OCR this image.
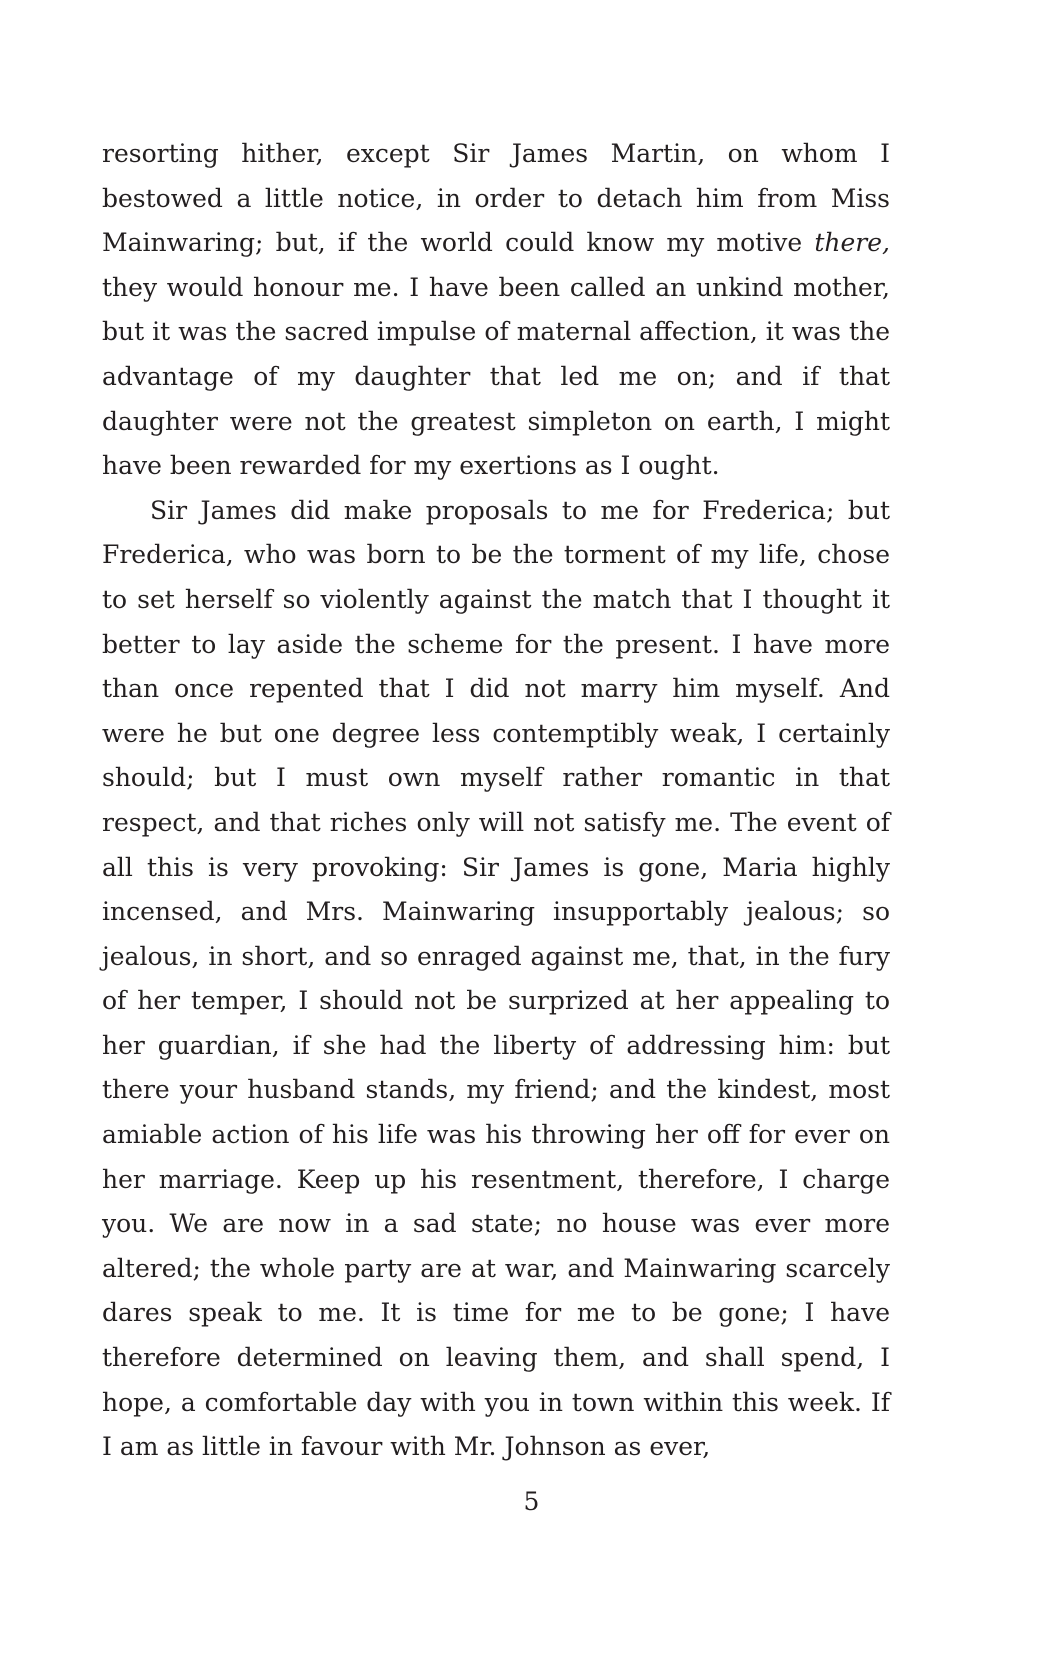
resorting hither, except Sir James Martin, on whom I bestowed a little notice, in order to detach him from Miss Mainwaring; but, if the world could know my motive there, they would honour me. I have been called an unkind mother, but it was the sacred impulse of maternal affection, it was the advantage of my daughter that led me on; and if that daughter were not the greatest simpleton on earth, I might have been rewarded for my exertions as I ought.

Sir James did make proposals to me for Frederica; but Frederica, who was born to be the torment of my life, chose to set herself so violently against the match that I thought it better to lay aside the scheme for the present. I have more than once repented that I did not marry him myself. And were he but one degree less contemptibly weak, I certainly should; but I must own myself rather romantic in that respect, and that riches only will not satisfy me. The event of all this is very provoking: Sir James is gone, Maria highly incensed, and Mrs. Mainwaring insupportably jealous; so jealous, in short, and so enraged against me, that, in the fury of her temper, I should not be surprized at her appealing to her guardian, if she had the liberty of addressing him: but there your husband stands, my friend; and the kindest, most amiable action of his life was his throwing her off for ever on her marriage. Keep up his resentment, therefore, I charge you. We are now in a sad state; no house was ever more altered; the whole party are at war, and Mainwaring scarcely dares speak to me. It is time for me to be gone; I have therefore determined on leaving them, and shall spend, I hope, a comfortable day with you in town within this week. If I am as little in favour with Mr. Johnson as ever,

5
